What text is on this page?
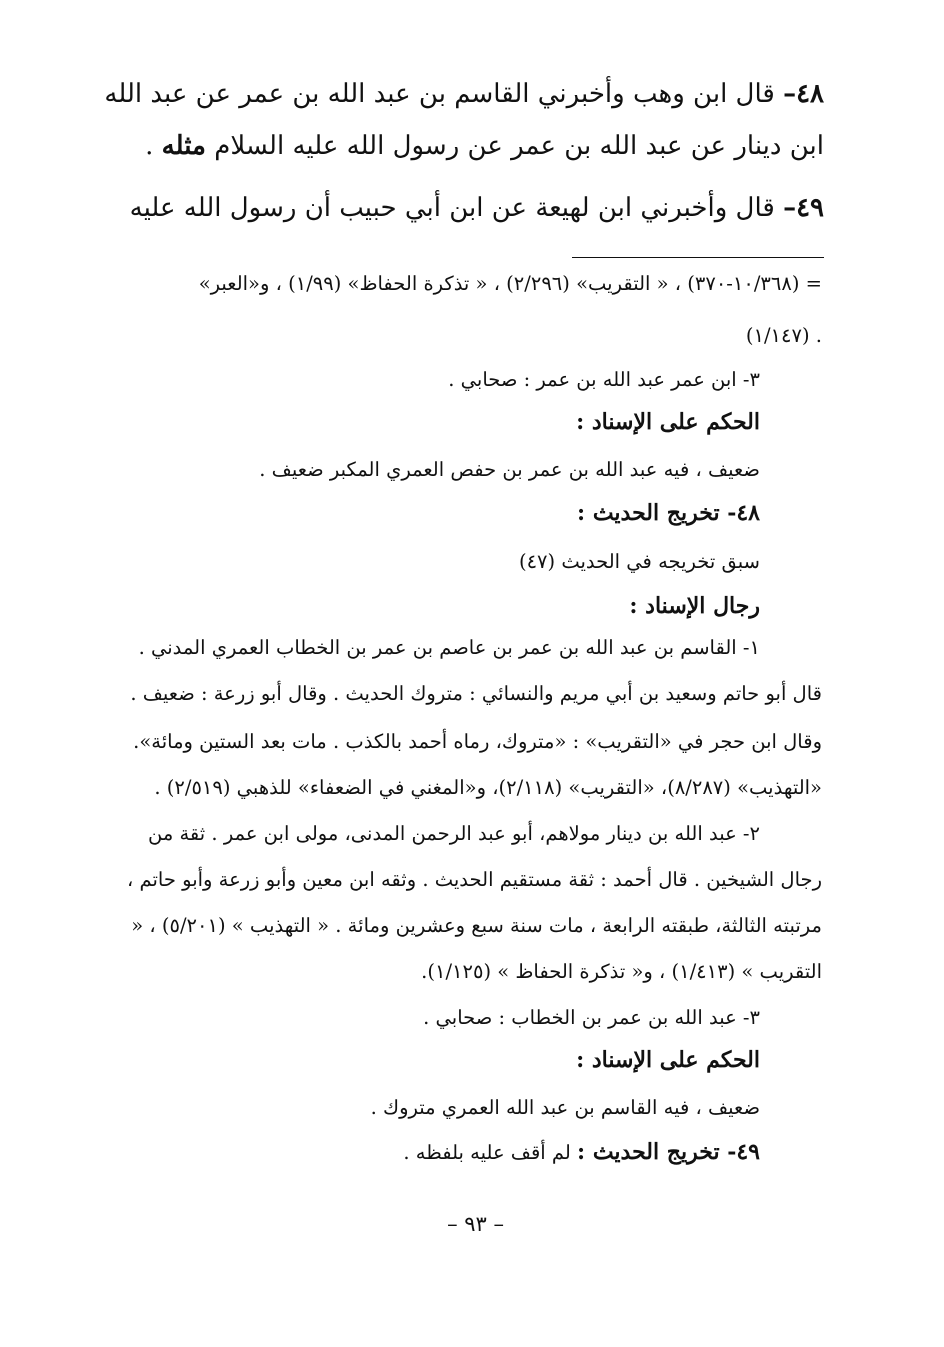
٤٨– قال ابن وهب وأخبرني القاسم بن عبد الله بن عمر عن عبد الله
ابن دينار عن عبد الله بن عمر عن رسول الله عليه السلام مثله .
٤٩– قال وأخبرني ابن لهيعة عن ابن أبي حبيب أن رسول الله عليه
= (١٠/٣٦٨-٣٧٠) ، « التقريب» (٢/٢٩٦) ، « تذكرة الحفاظ» (١/٩٩) ، و«العبر»
(١/١٤٧) .
٣- ابن عمر عبد الله بن عمر : صحابي .
الحكم على الإسناد :
ضعيف ، فيه عبد الله بن عمر بن حفص العمري المكبر ضعيف .
٤٨- تخريج الحديث :
سبق تخريجه في الحديث (٤٧)
رجال الإسناد :
١- القاسم بن عبد الله بن عمر بن عاصم بن عمر بن الخطاب العمري المدني .
قال أبو حاتم وسعيد بن أبي مريم والنسائي : متروك الحديث . وقال أبو زرعة : ضعيف .
وقال ابن حجر في «التقريب» : «متروك، رماه أحمد بالكذب . مات بعد الستين ومائة».
«التهذيب» (٨/٢٨٧)، «التقريب» (٢/١١٨)، و«المغني في الضعفاء» للذهبي (٢/٥١٩) .
٢- عبد الله بن دينار مولاهم، أبو عبد الرحمن المدنى، مولى ابن عمر . ثقة من
رجال الشيخين . قال أحمد : ثقة مستقيم الحديث . وثقه ابن معين وأبو زرعة وأبو حاتم ،
مرتبته الثالثة، طبقته الرابعة ، مات سنة سبع وعشرين ومائة . « التهذيب » (٥/٢٠١) ، «
التقريب » (١/٤١٣) ، و« تذكرة الحفاظ » (١/١٢٥).
٣- عبد الله بن عمر بن الخطاب : صحابي .
الحكم على الإسناد :
ضعيف ، فيه القاسم بن عبد الله العمري متروك .
٤٩- تخريج الحديث : لم أقف عليه بلفظه .
– ٩٣ –
